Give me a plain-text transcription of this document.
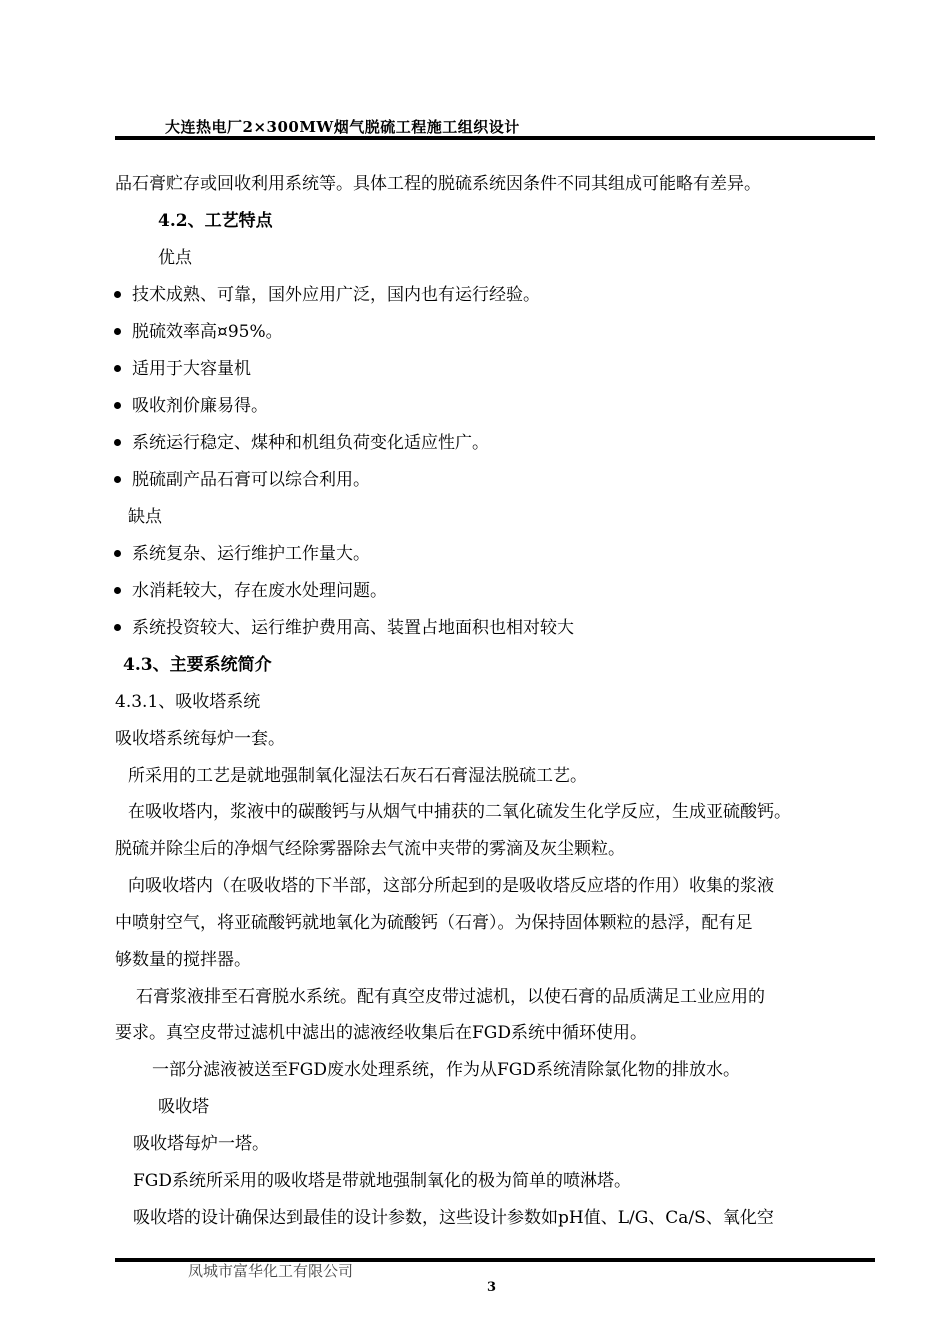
大连热电厂2×300MW烟气脱硫工程施工组织设计
品石膏贮存或回收利用系统等。具体工程的脱硫系统因条件不同其组成可能略有差异。
4.2、工艺特点
优点
技术成熟、可靠，国外应用广泛，国内也有运行经验。
脱硫效率高¤95%。
适用于大容量机
吸收剂价廉易得。
系统运行稳定、煤种和机组负荷变化适应性广。
脱硫副产品石膏可以综合利用。
缺点
系统复杂、运行维护工作量大。
水消耗较大，存在废水处理问题。
系统投资较大、运行维护费用高、装置占地面积也相对较大
4.3、主要系统简介
4.3.1、吸收塔系统
吸收塔系统每炉一套。
所采用的工艺是就地强制氧化湿法石灰石石膏湿法脱硫工艺。
在吸收塔内，浆液中的碳酸钙与从烟气中捕获的二氧化硫发生化学反应，生成亚硫酸钙。
脱硫并除尘后的净烟气经除雾器除去气流中夹带的雾滴及灰尘颗粒。
向吸收塔内（在吸收塔的下半部，这部分所起到的是吸收塔反应塔的作用）收集的浆液
中喷射空气，将亚硫酸钙就地氧化为硫酸钙（石膏）。为保持固体颗粒的悬浮，配有足
够数量的搅拌器。
石膏浆液排至石膏脱水系统。配有真空皮带过滤机，以使石膏的品质满足工业应用的
要求。真空皮带过滤机中滤出的滤液经收集后在FGD系统中循环使用。
一部分滤液被送至FGD废水处理系统，作为从FGD系统清除氯化物的排放水。
吸收塔
吸收塔每炉一塔。
FGD系统所采用的吸收塔是带就地强制氧化的极为简单的喷淋塔。
吸收塔的设计确保达到最佳的设计参数，这些设计参数如pH值、L/G、Ca/S、氧化空
凤城市富华化工有限公司
3
